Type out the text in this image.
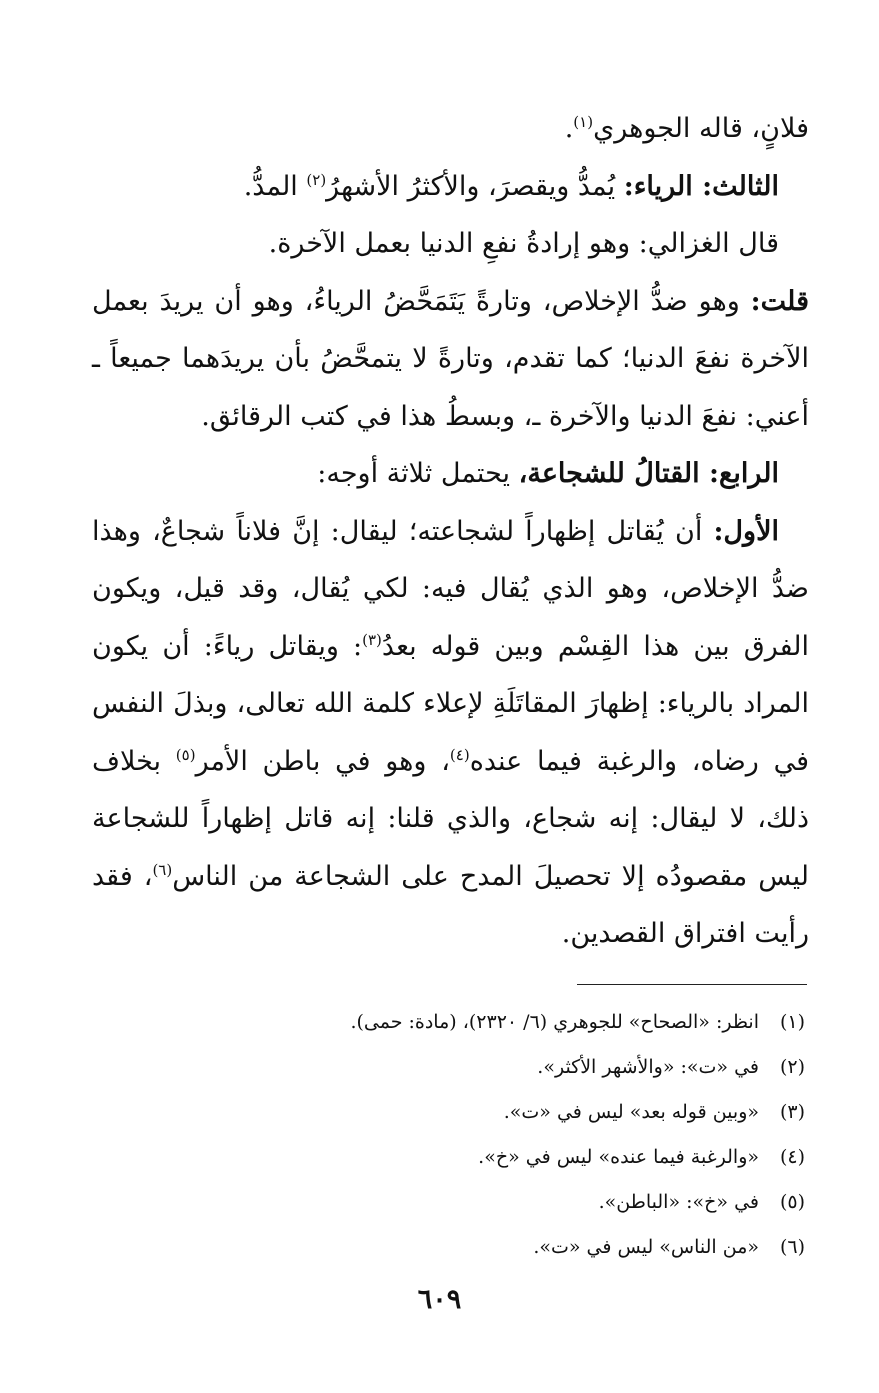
فلانٍ، قاله الجوهري$^{(١)}$.

الثالث: الرياء: يُمدُّ ويقصرَ، والأكثرُ الأشهرُ$^{(٢)}$ المدُّ.

قال الغزالي: وهو إرادةُ نفعِ الدنيا بعمل الآخرة.

قلت: وهو ضدُّ الإخلاص، وتارةً يَتَمَحَّضُ الرياءُ، وهو أن يريدَ بعمل الآخرة نفعَ الدنيا؛ كما تقدم، وتارةً لا يتمحَّضُ بأن يريدَهما جميعاً ـ أعني: نفعَ الدنيا والآخرة ـ، وبسطُ هذا في كتب الرقائق.

الرابع: القتالُ للشجاعة، يحتمل ثلاثة أوجه:

الأول: أن يُقاتل إظهاراً لشجاعته؛ ليقال: إنَّ فلاناً شجاعٌ، وهذا ضدُّ الإخلاص، وهو الذي يُقال فيه: لكي يُقال، وقد قيل، ويكون الفرق بين هذا القِسْم وبين قوله بعدُ$^{(٣)}$: ويقاتل رياءً: أن يكون المراد بالرياء: إظهارَ المقاتَلَةِ لإعلاء كلمة الله تعالى، وبذلَ النفس في رضاه، والرغبة فيما عنده$^{(٤)}$، وهو في باطن الأمر$^{(٥)}$ بخلاف ذلك، لا ليقال: إنه شجاع، والذي قلنا: إنه قاتل إظهاراً للشجاعة ليس مقصودُه إلا تحصيلَ المدح على الشجاعة من الناس$^{(٦)}$، فقد رأيت افتراق القصدين.

(١)انظر: «الصحاح» للجوهري (٦/ ٢٣٢٠)، (مادة: حمى).
(٢)في «ت»: «والأشهر الأكثر».
(٣)«وبين قوله بعد» ليس في «ت».
(٤)«والرغبة فيما عنده» ليس في «خ».
(٥)في «خ»: «الباطن».
(٦)«من الناس» ليس في «ت».
٦٠٩
